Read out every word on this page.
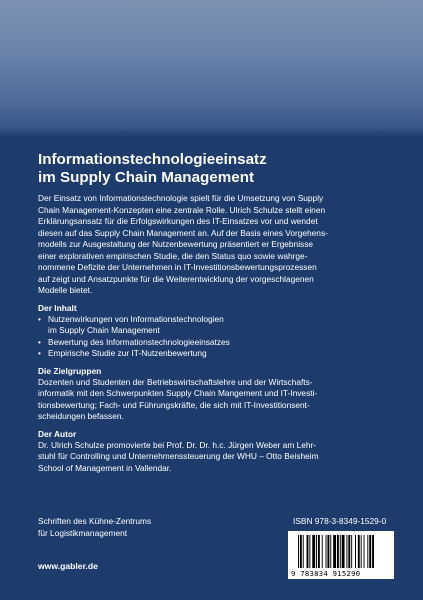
Informationstechnologieeinsatz
im Supply Chain Management
Der Einsatz von Informationstechnologie spielt für die Umsetzung von Supply
Chain Management-Konzepten eine zentrale Rolle. Ulrich Schulze stellt einen
Erklärungsansatz für die Erfolgswirkungen des IT-Einsatzes vor und wendet
diesen auf das Supply Chain Management an. Auf der Basis eines Vorgehens-
modells zur Ausgestaltung der Nutzenbewertung präsentiert er Ergebnisse
einer explorativen empirischen Studie, die den Status quo sowie wahrge-
nommene Defizite der Unternehmen in IT-Investitionsbewertungsprozessen
auf zeigt und Ansatzpunkte für die Weiterentwicklung der vorgeschlagenen
Modelle bietet.
Der Inhalt
• Nutzenwirkungen von Informationstechnologien
im Supply Chain Management
• Bewertung des Informationstechnologieeinsatzes
• Empirische Studie zur IT-Nutzenbewertung
Die Zielgruppen
Dozenten und Studenten der Betriebswirtschaftslehre und der Wirtschafts-
informatik mit den Schwerpunkten Supply Chain Mangement und IT-Investi-
tionsbewertung; Fach- und Führungskräfte, die sich mit IT-Investitionsent-
scheidungen befassen.
Der Autor
Dr. Ulrich Schulze promovierte bei Prof. Dr. Dr. h.c. Jürgen Weber am Lehr-
stuhl für Controlling und Unternehmenssteuerung der WHU – Otto Beisheim
School of Management in Vallendar.
Schriften des Kühne-Zentrums
für Logistikmanagement
ISBN 978-3-8349-1529-0
www.gabler.de
9 783834 915290
